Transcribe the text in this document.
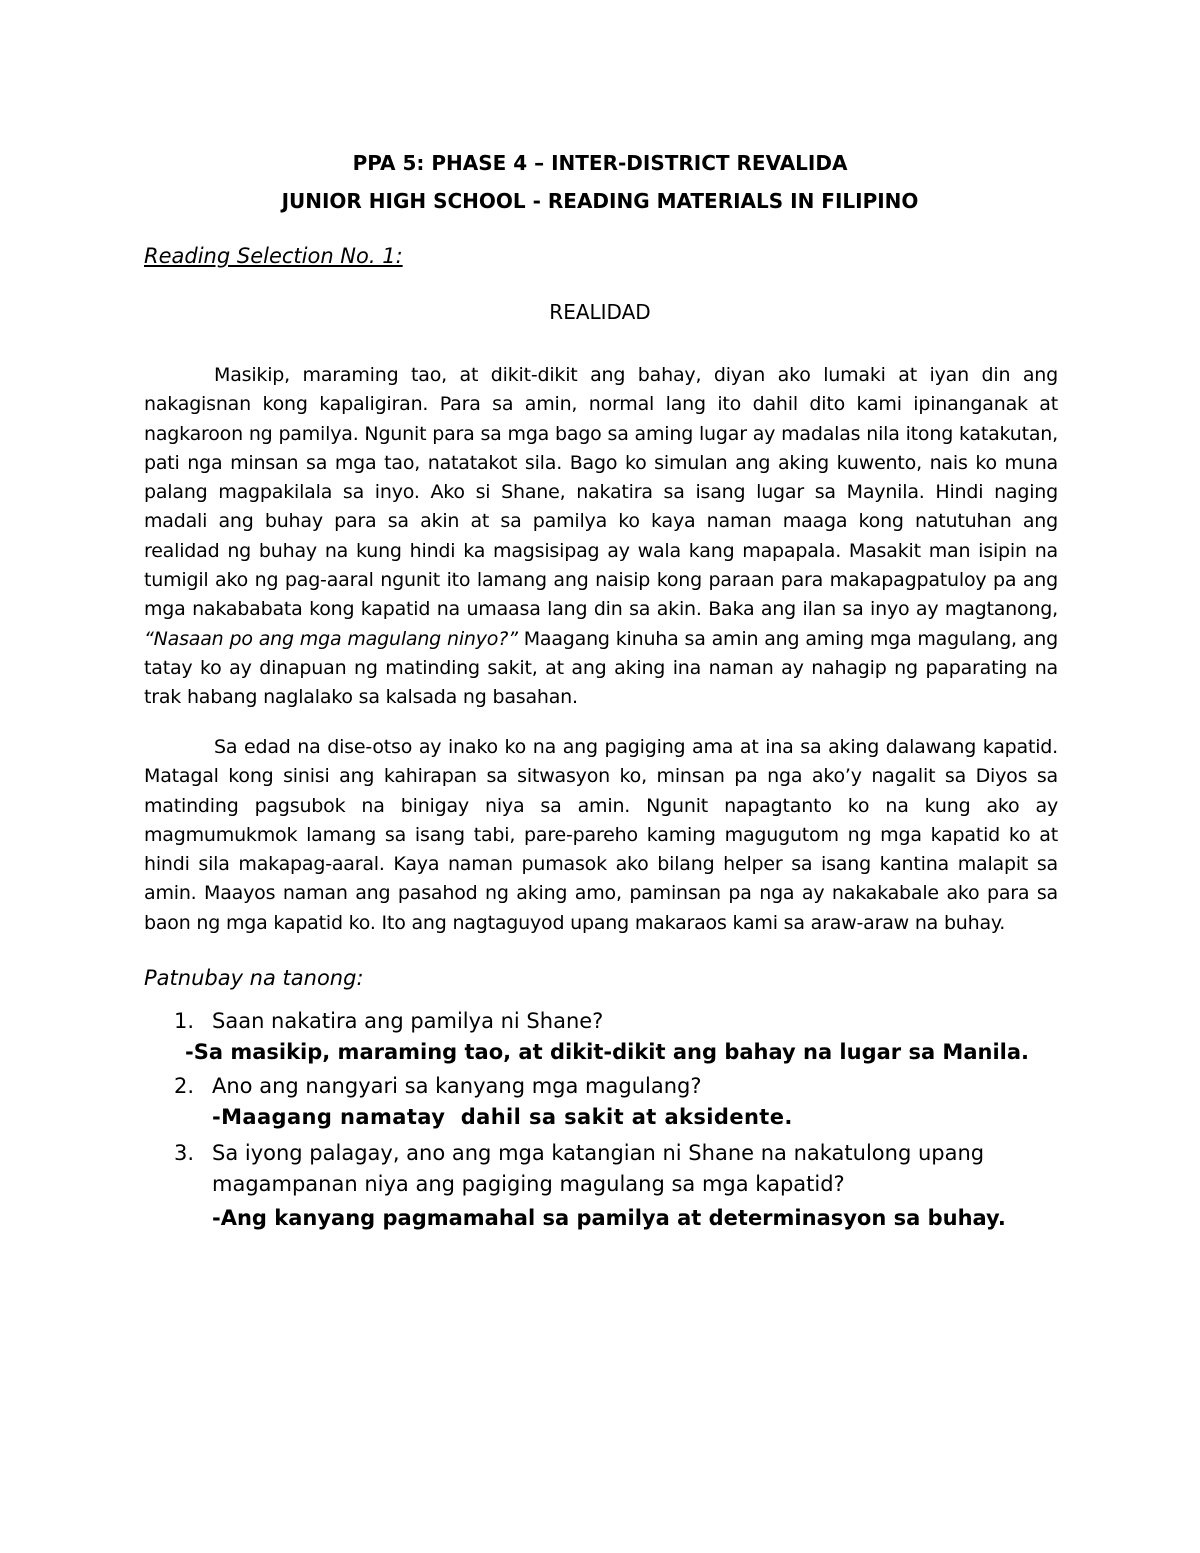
PPA 5: PHASE 4 – INTER-DISTRICT REVALIDA
JUNIOR HIGH SCHOOL - READING MATERIALS IN FILIPINO
Reading Selection No. 1:
REALIDAD

Masikip, maraming tao, at dikit-dikit ang bahay, diyan ako lumaki at iyan din ang nakagisnan kong kapaligiran. Para sa amin, normal lang ito dahil dito kami ipinanganak at nagkaroon ng pamilya. Ngunit para sa mga bago sa aming lugar ay madalas nila itong katakutan, pati nga minsan sa mga tao, natatakot sila. Bago ko simulan ang aking kuwento, nais ko muna palang magpakilala sa inyo. Ako si Shane, nakatira sa isang lugar sa Maynila. Hindi naging madali ang buhay para sa akin at sa pamilya ko kaya naman maaga kong natutuhan ang realidad ng buhay na kung hindi ka magsisipag ay wala kang mapapala. Masakit man isipin na tumigil ako ng pag-aaral ngunit ito lamang ang naisip kong paraan para makapagpatuloy pa ang mga nakababata kong kapatid na umaasa lang din sa akin. Baka ang ilan sa inyo ay magtanong, “Nasaan po ang mga magulang ninyo?” Maagang kinuha sa amin ang aming mga magulang, ang tatay ko ay dinapuan ng matinding sakit, at ang aking ina naman ay nahagip ng paparating na trak habang naglalako sa kalsada ng basahan.

Sa edad na dise-otso ay inako ko na ang pagiging ama at ina sa aking dalawang kapatid. Matagal kong sinisi ang kahirapan sa sitwasyon ko, minsan pa nga ako’y nagalit sa Diyos sa matinding pagsubok na binigay niya sa amin. Ngunit napagtanto ko na kung ako ay magmumukmok lamang sa isang tabi, pare-pareho kaming magugutom ng mga kapatid ko at hindi sila makapag-aaral. Kaya naman pumasok ako bilang helper sa isang kantina malapit sa amin. Maayos naman ang pasahod ng aking amo, paminsan pa nga ay nakakabale ako para sa baon ng mga kapatid ko. Ito ang nagtaguyod upang makaraos kami sa araw-araw na buhay.

Patnubay na tanong:
1. Saan nakatira ang pamilya ni Shane?
-Sa masikip, maraming tao, at dikit-dikit ang bahay na lugar sa Manila.
2. Ano ang nangyari sa kanyang mga magulang?
-Maagang namatay  dahil sa sakit at aksidente.
3. Sa iyong palagay, ano ang mga katangian ni Shane na nakatulong upang magampanan niya ang pagiging magulang sa mga kapatid?
-Ang kanyang pagmamahal sa pamilya at determinasyon sa buhay.
